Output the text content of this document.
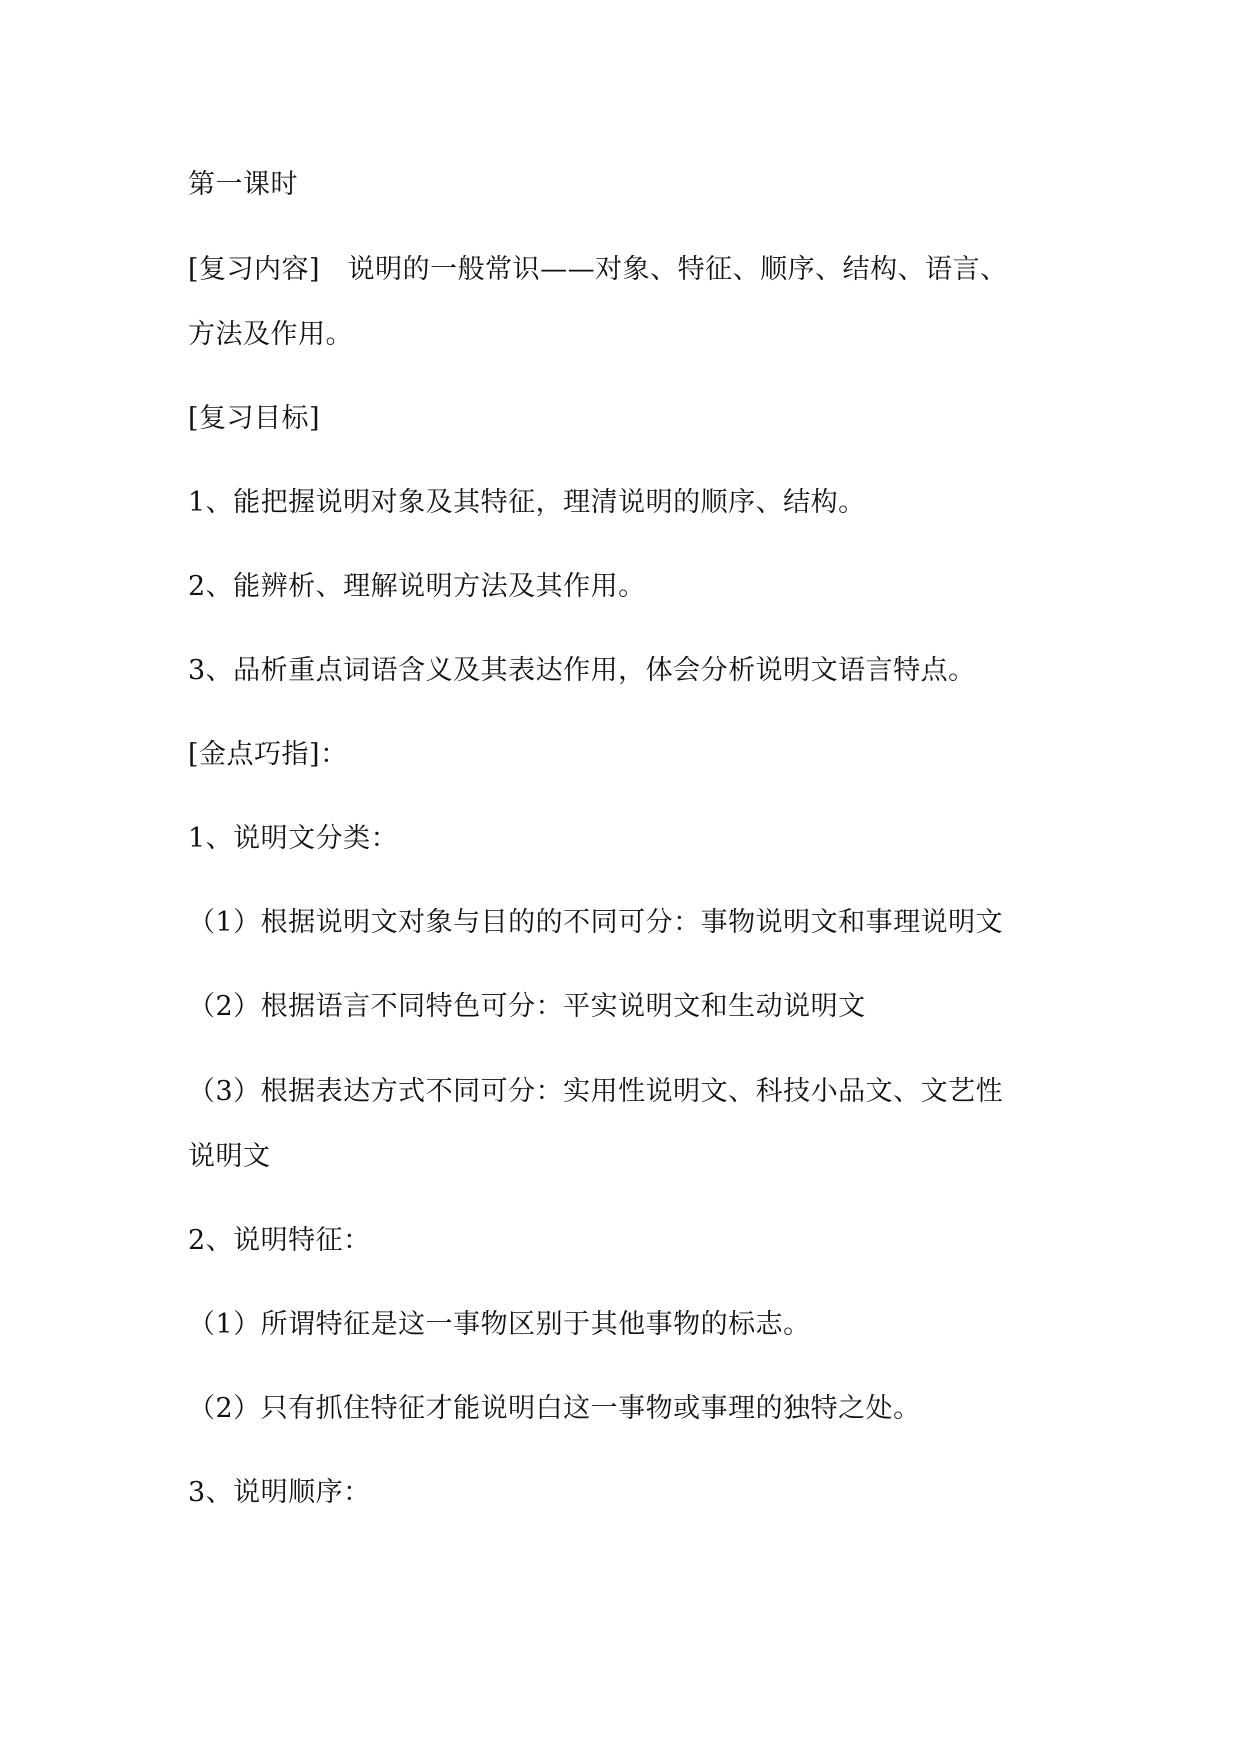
第一课时
[复习内容]　说明的一般常识——对象、特征、顺序、结构、语言、
方法及作用。
[复习目标]
1、能把握说明对象及其特征，理清说明的顺序、结构。
2、能辨析、理解说明方法及其作用。
3、品析重点词语含义及其表达作用，体会分析说明文语言特点。
[金点巧指]：
1、说明文分类：
（1）根据说明文对象与目的的不同可分：事物说明文和事理说明文
（2）根据语言不同特色可分：平实说明文和生动说明文
（3）根据表达方式不同可分：实用性说明文、科技小品文、文艺性
说明文
2、说明特征：
（1）所谓特征是这一事物区别于其他事物的标志。
（2）只有抓住特征才能说明白这一事物或事理的独特之处。
3、说明顺序：
